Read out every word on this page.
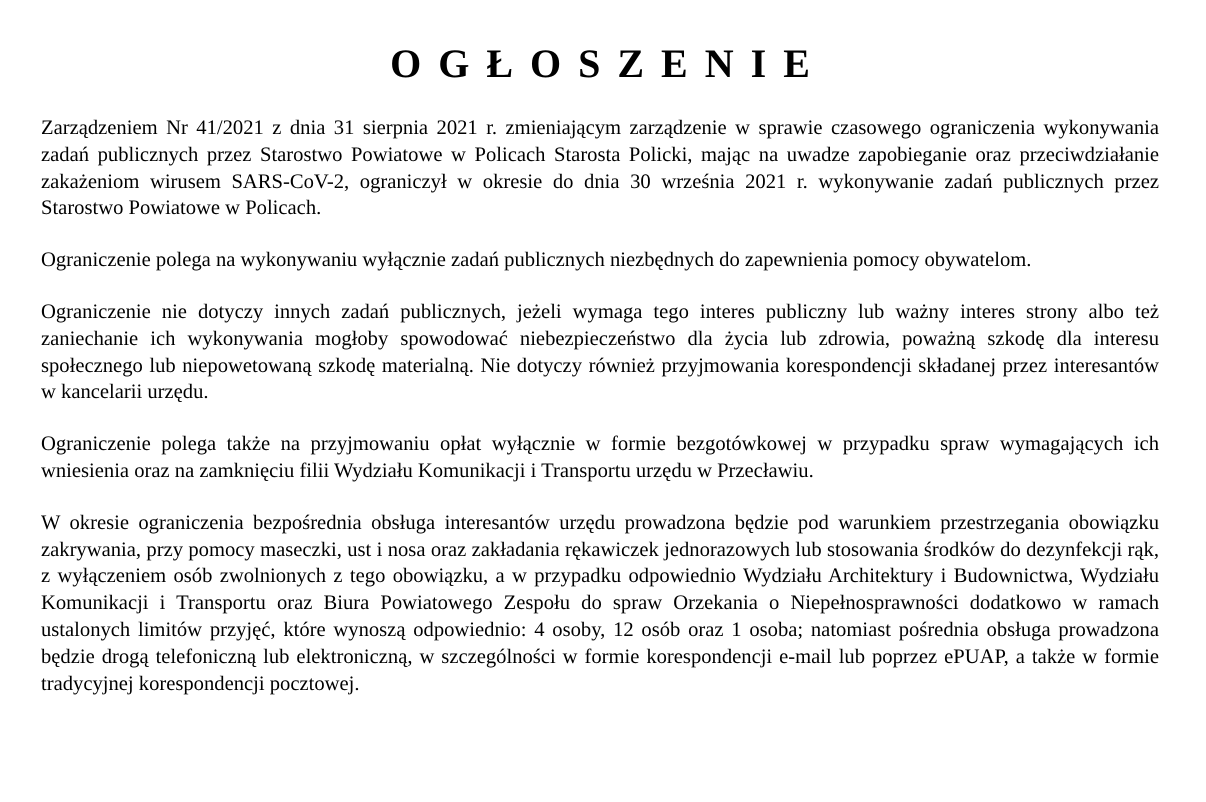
OGŁOSZENIE

Zarządzeniem Nr 41/2021 z dnia 31 sierpnia 2021 r. zmieniającym zarządzenie w sprawie czasowego ograniczenia wykonywania zadań publicznych przez Starostwo Powiatowe w Policach Starosta Policki, mając na uwadze zapobieganie oraz przeciwdziałanie zakażeniom wirusem SARS-CoV-2, ograniczył w okresie do dnia 30 września 2021 r. wykonywanie zadań publicznych przez Starostwo Powiatowe w Policach.

Ograniczenie polega na wykonywaniu wyłącznie zadań publicznych niezbędnych do zapewnienia pomocy obywatelom.

Ograniczenie nie dotyczy innych zadań publicznych, jeżeli wymaga tego interes publiczny lub ważny interes strony albo też zaniechanie ich wykonywania mogłoby spowodować niebezpieczeństwo dla życia lub zdrowia, poważną szkodę dla interesu społecznego lub niepowetowaną szkodę materialną. Nie dotyczy również przyjmowania korespondencji składanej przez interesantów w kancelarii urzędu.

Ograniczenie polega także na przyjmowaniu opłat wyłącznie w formie bezgotówkowej w przypadku spraw wymagających ich wniesienia oraz na zamknięciu filii Wydziału Komunikacji i Transportu urzędu w Przecławiu.

W okresie ograniczenia bezpośrednia obsługa interesantów urzędu prowadzona będzie pod warunkiem przestrzegania obowiązku zakrywania, przy pomocy maseczki, ust i nosa oraz zakładania rękawiczek jednorazowych lub stosowania środków do dezynfekcji rąk, z wyłączeniem osób zwolnionych z tego obowiązku, a w przypadku odpowiednio Wydziału Architektury i Budownictwa, Wydziału Komunikacji i Transportu oraz Biura Powiatowego Zespołu do spraw Orzekania o Niepełnosprawności dodatkowo w ramach ustalonych limitów przyjęć, które wynoszą odpowiednio: 4 osoby, 12 osób oraz 1 osoba; natomiast pośrednia obsługa prowadzona będzie drogą telefoniczną lub elektroniczną, w szczególności w formie korespondencji e-mail lub poprzez ePUAP, a także w formie tradycyjnej korespondencji pocztowej.
